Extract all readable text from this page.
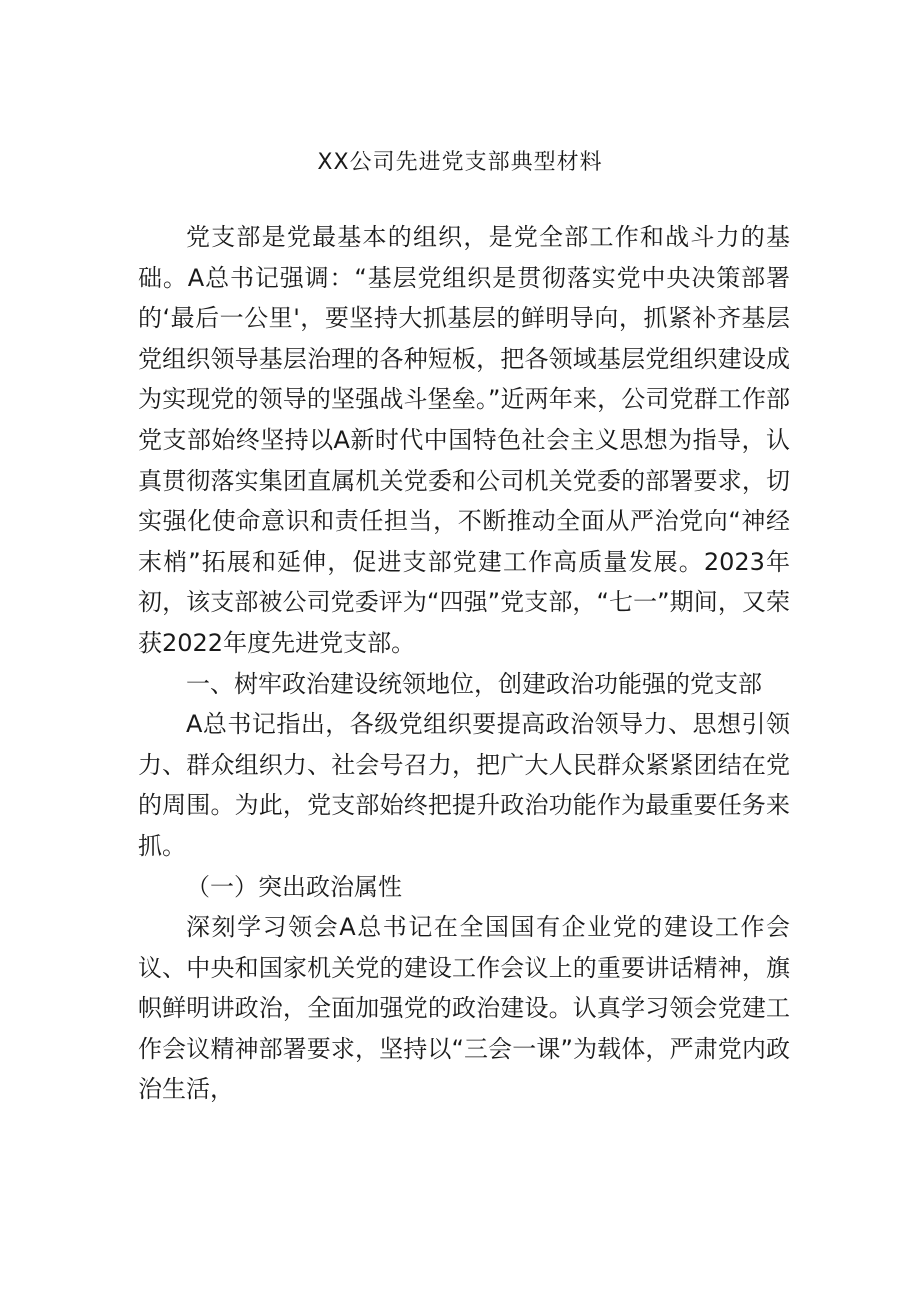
XX公司先进党支部典型材料

党支部是党最基本的组织，是党全部工作和战斗力的基础。A总书记强调：“基层党组织是贯彻落实党中央决策部署的‘最后一公里'，要坚持大抓基层的鲜明导向，抓紧补齐基层党组织领导基层治理的各种短板，把各领域基层党组织建设成为实现党的领导的坚强战斗堡垒。”近两年来，公司党群工作部党支部始终坚持以A新时代中国特色社会主义思想为指导，认真贯彻落实集团直属机关党委和公司机关党委的部署要求，切实强化使命意识和责任担当，不断推动全面从严治党向“神经末梢”拓展和延伸，促进支部党建工作高质量发展。2023年初，该支部被公司党委评为“四强”党支部，“七一”期间，又荣获2022年度先进党支部。

一、树牢政治建设统领地位，创建政治功能强的党支部

A总书记指出，各级党组织要提高政治领导力、思想引领力、群众组织力、社会号召力，把广大人民群众紧紧团结在党的周围。为此，党支部始终把提升政治功能作为最重要任务来抓。

（一）突出政治属性

深刻学习领会A总书记在全国国有企业党的建设工作会议、中央和国家机关党的建设工作会议上的重要讲话精神，旗帜鲜明讲政治，全面加强党的政治建设。认真学习领会党建工作会议精神部署要求，坚持以“三会一课”为载体，严肃党内政治生活，
